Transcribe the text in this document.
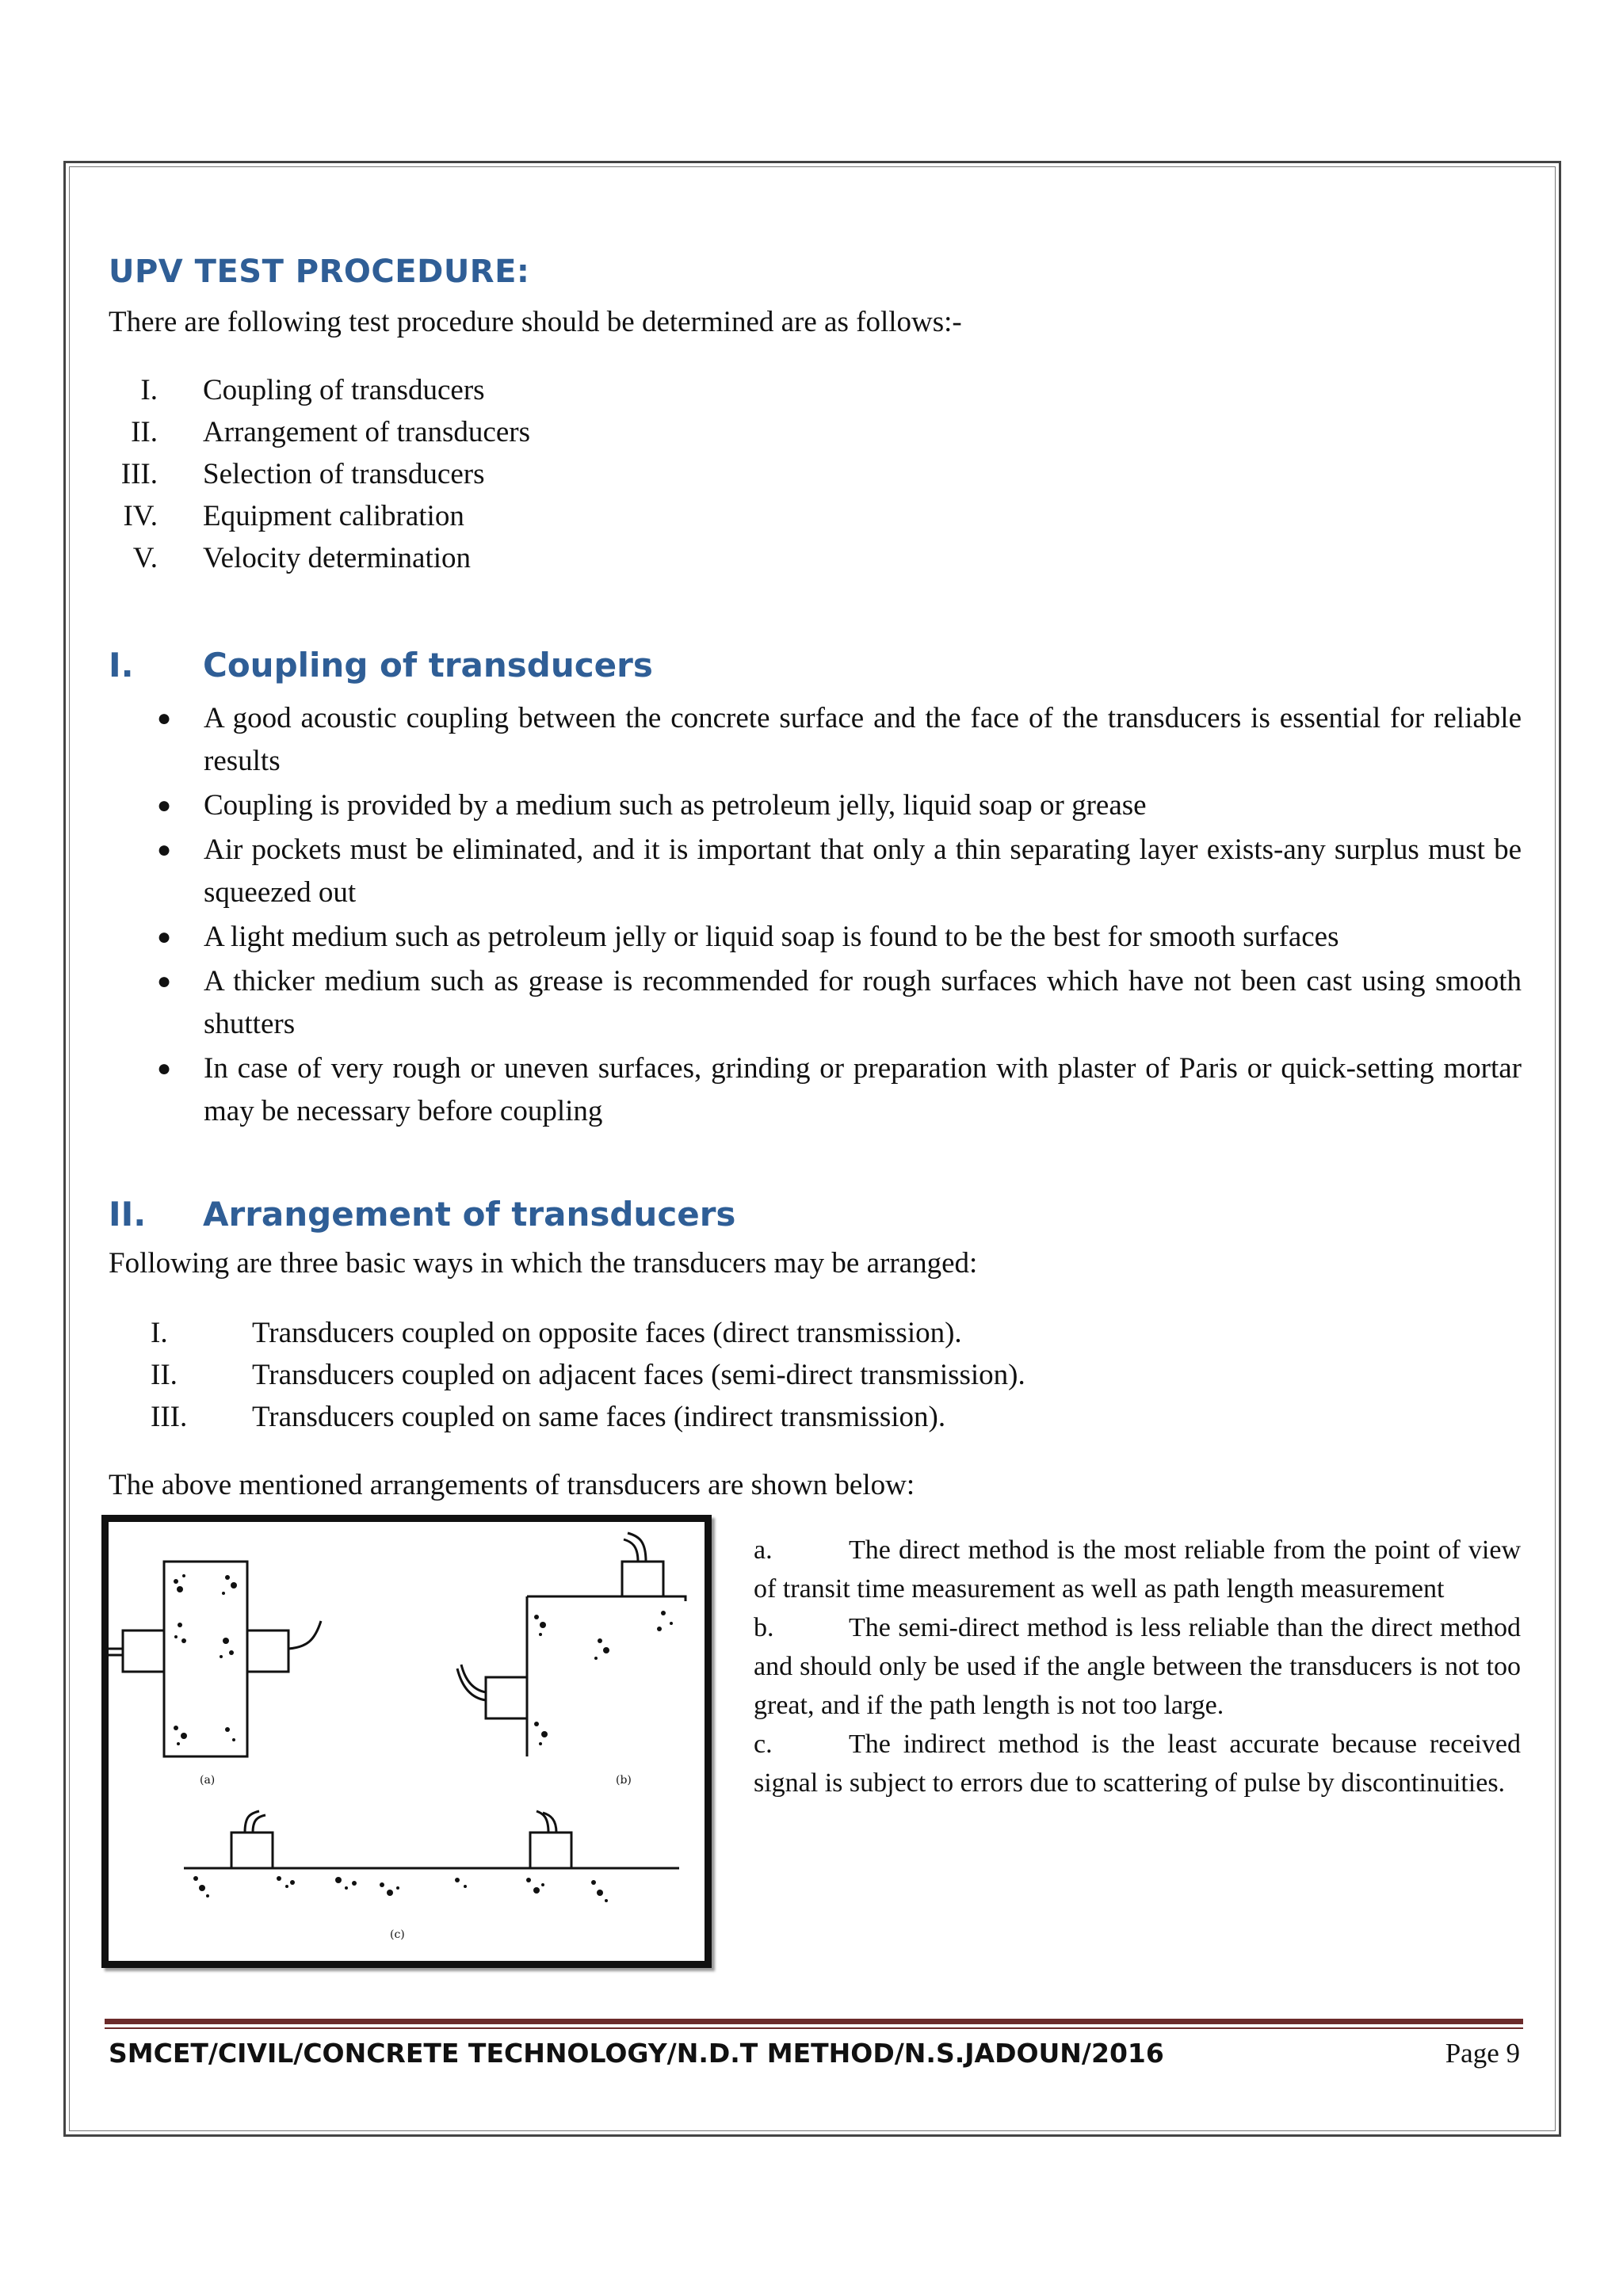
UPV TEST PROCEDURE:
There are following test procedure should be determined are as follows:-
I. Coupling of transducers
II. Arrangement of transducers
III. Selection of transducers
IV. Equipment calibration
V. Velocity determination
I.	Coupling of transducers
●	A good acoustic coupling between the concrete surface and the face of the transducers is essential for reliable results
●	Coupling is provided by a medium such as petroleum jelly, liquid soap or grease
●	Air pockets must be eliminated, and it is important that only a thin separating layer exists-any surplus must be squeezed out
●	A light medium such as petroleum jelly or liquid soap is found to be the best for smooth surfaces
●	A thicker medium such as grease is recommended for rough surfaces which have not been cast using smooth shutters
●	In case of very rough or uneven surfaces, grinding or preparation with plaster of Paris or quick-setting mortar may be necessary before coupling
II.	Arrangement of transducers
Following are three basic ways in which the transducers may be arranged:
I.	Transducers coupled on opposite faces (direct transmission).
II.	Transducers coupled on adjacent faces (semi-direct transmission).
III.	Transducers coupled on same faces (indirect transmission).
The above mentioned arrangements of transducers are shown below:
(a)	(b)
(c)
a.	The direct method is the most reliable from the point of view of transit time measurement as well as path length measurement
b.	The semi-direct method is less reliable than the direct method and should only be used if the angle between the transducers is not too great, and if the path length is not too large.
c.	The indirect method is the least accurate because received signal is subject to errors due to scattering of pulse by discontinuities.
SMCET/CIVIL/CONCRETE TECHNOLOGY/N.D.T METHOD/N.S.JADOUN/2016	Page 9
